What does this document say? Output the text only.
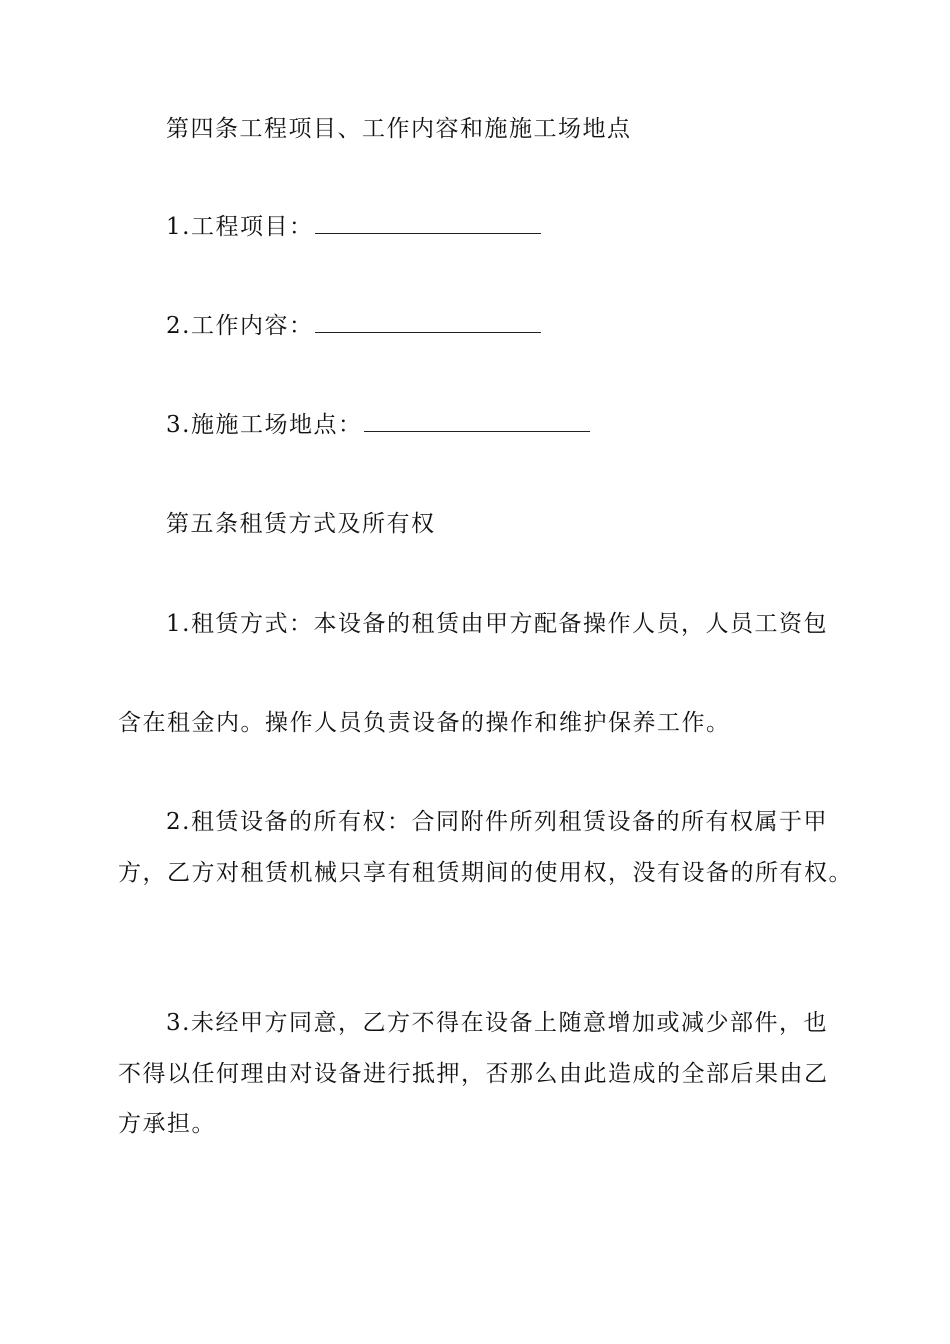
第四条工程项目、工作内容和施施工场地点
1.工程项目：
2.工作内容：
3.施施工场地点：
第五条租赁方式及所有权
1.租赁方式：本设备的租赁由甲方配备操作人员，人员工资包
含在租金内。操作人员负责设备的操作和维护保养工作。
2.租赁设备的所有权：合同附件所列租赁设备的所有权属于甲
方，乙方对租赁机械只享有租赁期间的使用权，没有设备的所有权。
3.未经甲方同意，乙方不得在设备上随意增加或减少部件，也
不得以任何理由对设备进行抵押，否那么由此造成的全部后果由乙
方承担。
